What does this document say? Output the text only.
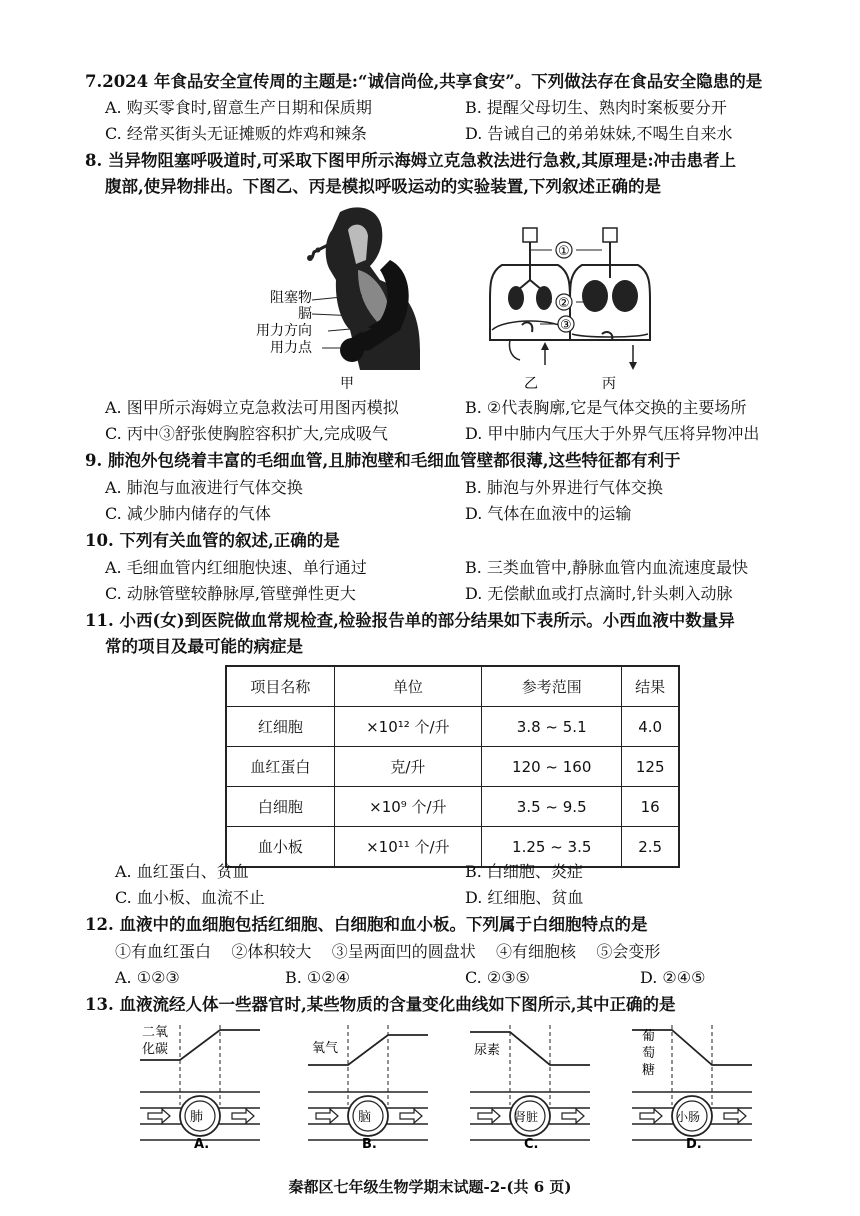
7.2024 年食品安全宣传周的主题是:“诚信尚俭,共享食安”。下列做法存在食品安全隐患的是
A. 购买零食时,留意生产日期和保质期	B. 提醒父母切生、熟肉时案板要分开
C. 经常买街头无证摊贩的炸鸡和辣条	D. 告诫自己的弟弟妹妹,不喝生自来水
8. 当异物阻塞呼吸道时,可采取下图甲所示海姆立克急救法进行急救,其原理是:冲击患者上
腹部,使异物排出。下图乙、丙是模拟呼吸运动的实验装置,下列叙述正确的是
阻塞物
膈
用力方向
用力点
甲	乙	丙
①
②
③
A. 图甲所示海姆立克急救法可用图丙模拟	B. ②代表胸廓,它是气体交换的主要场所
C. 丙中③舒张使胸腔容积扩大,完成吸气	D. 甲中肺内气压大于外界气压将异物冲出
9. 肺泡外包绕着丰富的毛细血管,且肺泡壁和毛细血管壁都很薄,这些特征都有利于
A. 肺泡与血液进行气体交换	B. 肺泡与外界进行气体交换
C. 减少肺内储存的气体	D. 气体在血液中的运输
10. 下列有关血管的叙述,正确的是
A. 毛细血管内红细胞快速、单行通过	B. 三类血管中,静脉血管内血流速度最快
C. 动脉管壁较静脉厚,管壁弹性更大	D. 无偿献血或打点滴时,针头刺入动脉
11. 小西(女)到医院做血常规检查,检验报告单的部分结果如下表所示。小西血液中数量异
常的项目及最可能的病症是
项目名称	单位	参考范围	结果
红细胞	×10¹² 个/升	3.8 ~ 5.1	4.0
血红蛋白	克/升	120 ~ 160	125
白细胞	×10⁹ 个/升	3.5 ~ 9.5	16
血小板	×10¹¹ 个/升	1.25 ~ 3.5	2.5
A. 血红蛋白、贫血	B. 白细胞、炎症
C. 血小板、血流不止	D. 红细胞、贫血
12. 血液中的血细胞包括红细胞、白细胞和血小板。下列属于白细胞特点的是
①有血红蛋白    ②体积较大    ③呈两面凹的圆盘状    ④有细胞核    ⑤会变形
A. ①②③	B. ①②④	C. ②③⑤	D. ②④⑤
13. 血液流经人体一些器官时,某些物质的含量变化曲线如下图所示,其中正确的是
二氧
化碳
肺
A.
氧气
脑
B.
尿素
肾脏
C.
葡
萄
糖
小肠
D.
秦都区七年级生物学期末试题-2-(共 6 页)
